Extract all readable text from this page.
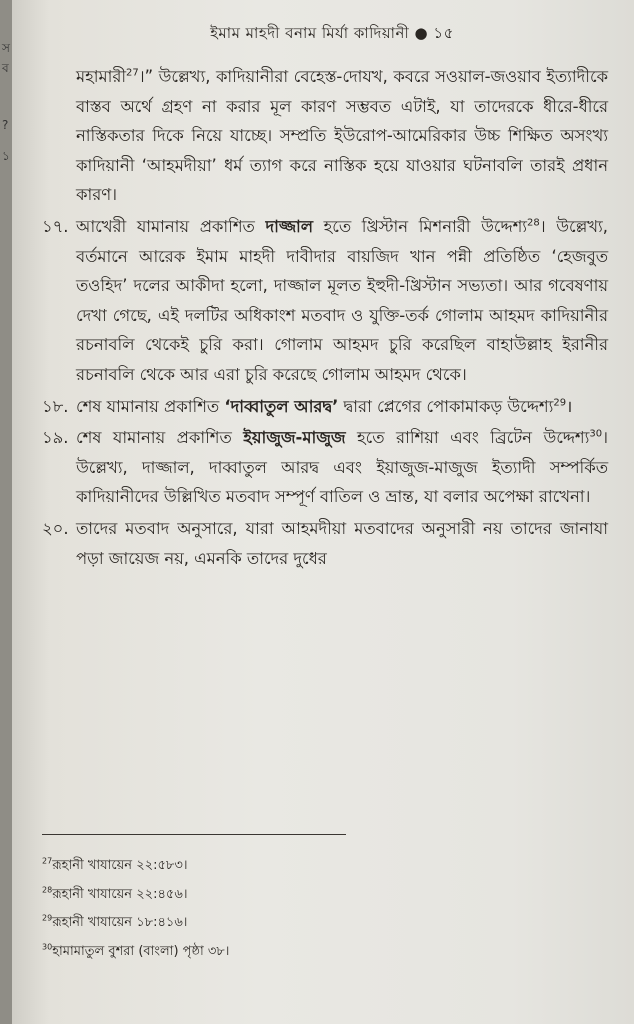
স
ব
?
১
ইমাম মাহদী বনাম মির্যা কাদিয়ানী ● ১৫
মহামারী$^{27}$।” উল্লেখ্য, কাদিয়ানীরা বেহেস্ত-দোযখ, কবরে সওয়াল-জওয়াব ইত্যাদীকে বাস্তব অর্থে গ্রহণ না করার মূল কারণ সম্ভবত এটাই, যা তাদেরকে ধীরে-ধীরে নাস্তিকতার দিকে নিয়ে যাচ্ছে। সম্প্রতি ইউরোপ-আমেরিকার উচ্চ শিক্ষিত অসংখ্য কাদিয়ানী ‘আহমদীয়া’ ধর্ম ত্যাগ করে নাস্তিক হয়ে যাওয়ার ঘটনাবলি তারই প্রধান কারণ।
১৭. আখেরী যামানায় প্রকাশিত দাজ্জাল হতে খ্রিস্টান মিশনারী উদ্দেশ্য$^{28}$। উল্লেখ্য, বর্তমানে আরেক ইমাম মাহদী দাবীদার বায়জিদ খান পন্নী প্রতিষ্ঠিত ‘হেজবুত তওহিদ’ দলের আকীদা হলো, দাজ্জাল মূলত ইহুদী-খ্রিস্টান সভ্যতা। আর গবেষণায় দেখা গেছে, এই দলটির অধিকাংশ মতবাদ ও যুক্তি-তর্ক গোলাম আহমদ কাদিয়ানীর রচনাবলি থেকেই চুরি করা। গোলাম আহমদ চুরি করেছিল বাহাউল্লাহ ইরানীর রচনাবলি থেকে আর এরা চুরি করেছে গোলাম আহমদ থেকে।
১৮. শেষ যামানায় প্রকাশিত ‘দাব্বাতুল আরদ্ব’ দ্বারা প্লেগের পোকামাকড় উদ্দেশ্য$^{29}$।
১৯. শেষ যামানায় প্রকাশিত ইয়াজুজ-মাজুজ হতে রাশিয়া এবং ব্রিটেন উদ্দেশ্য$^{30}$। উল্লেখ্য, দাজ্জাল, দাব্বাতুল আরদ্ব এবং ইয়াজুজ-মাজুজ ইত্যাদী সম্পর্কিত কাদিয়ানীদের উল্লিখিত মতবাদ সম্পূর্ণ বাতিল ও ভ্রান্ত, যা বলার অপেক্ষা রাখেনা।
২০. তাদের মতবাদ অনুসারে, যারা আহমদীয়া মতবাদের অনুসারী নয় তাদের জানাযা পড়া জায়েজ নয়, এমনকি তাদের দুধের
$^{27}$রূহানী খাযায়েন ২২:৫৮৩।
$^{28}$রূহানী খাযায়েন ২২:৪৫৬।
$^{29}$রূহানী খাযায়েন ১৮:৪১৬।
$^{30}$হামামাতুল বুশরা (বাংলা) পৃষ্ঠা ৩৮।
